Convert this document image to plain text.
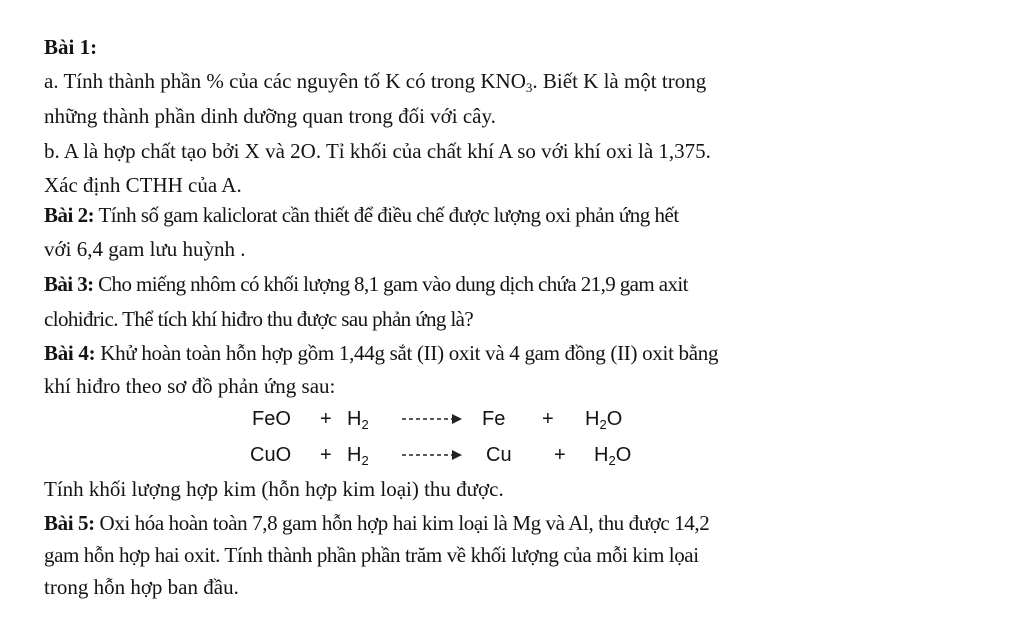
Bài 1:
a. Tính thành phần % của các nguyên tố K có trong $KNO_3$. Biết K là một trong
những thành phần dinh dưỡng quan trong đối với cây.
b. A là hợp chất tạo bởi X và 2O. Tỉ khối của chất khí A so với khí oxi là 1,375.
Xác định CTHH của A.
Bài 2: Tính số gam kaliclorat cần thiết để điều chế được lượng oxi phản ứng hết
với 6,4 gam lưu huỳnh .
Bài 3: Cho miếng nhôm có khối lượng 8,1 gam vào dung dịch chứa 21,9 gam axit
clohiđric. Thể tích khí hiđro thu được sau phản ứng là?
Bài 4: Khử hoàn toàn hỗn hợp gồm 1,44g sắt (II) oxit và 4 gam đồng (II) oxit bằng
khí hiđro theo sơ đồ phản ứng sau:
FeO + $H_2$	$Fe + H_2O$
CuO + $H_2$	$Cu + H_2O$
Tính khối lượng hợp kim (hỗn hợp kim loại) thu được.
Bài 5: Oxi hóa hoàn toàn 7,8 gam hỗn hợp hai kim loại là Mg và Al, thu được 14,2
gam hỗn hợp hai oxit. Tính thành phần phần trăm về khối lượng của mỗi kim lọai
trong hỗn hợp ban đầu.
